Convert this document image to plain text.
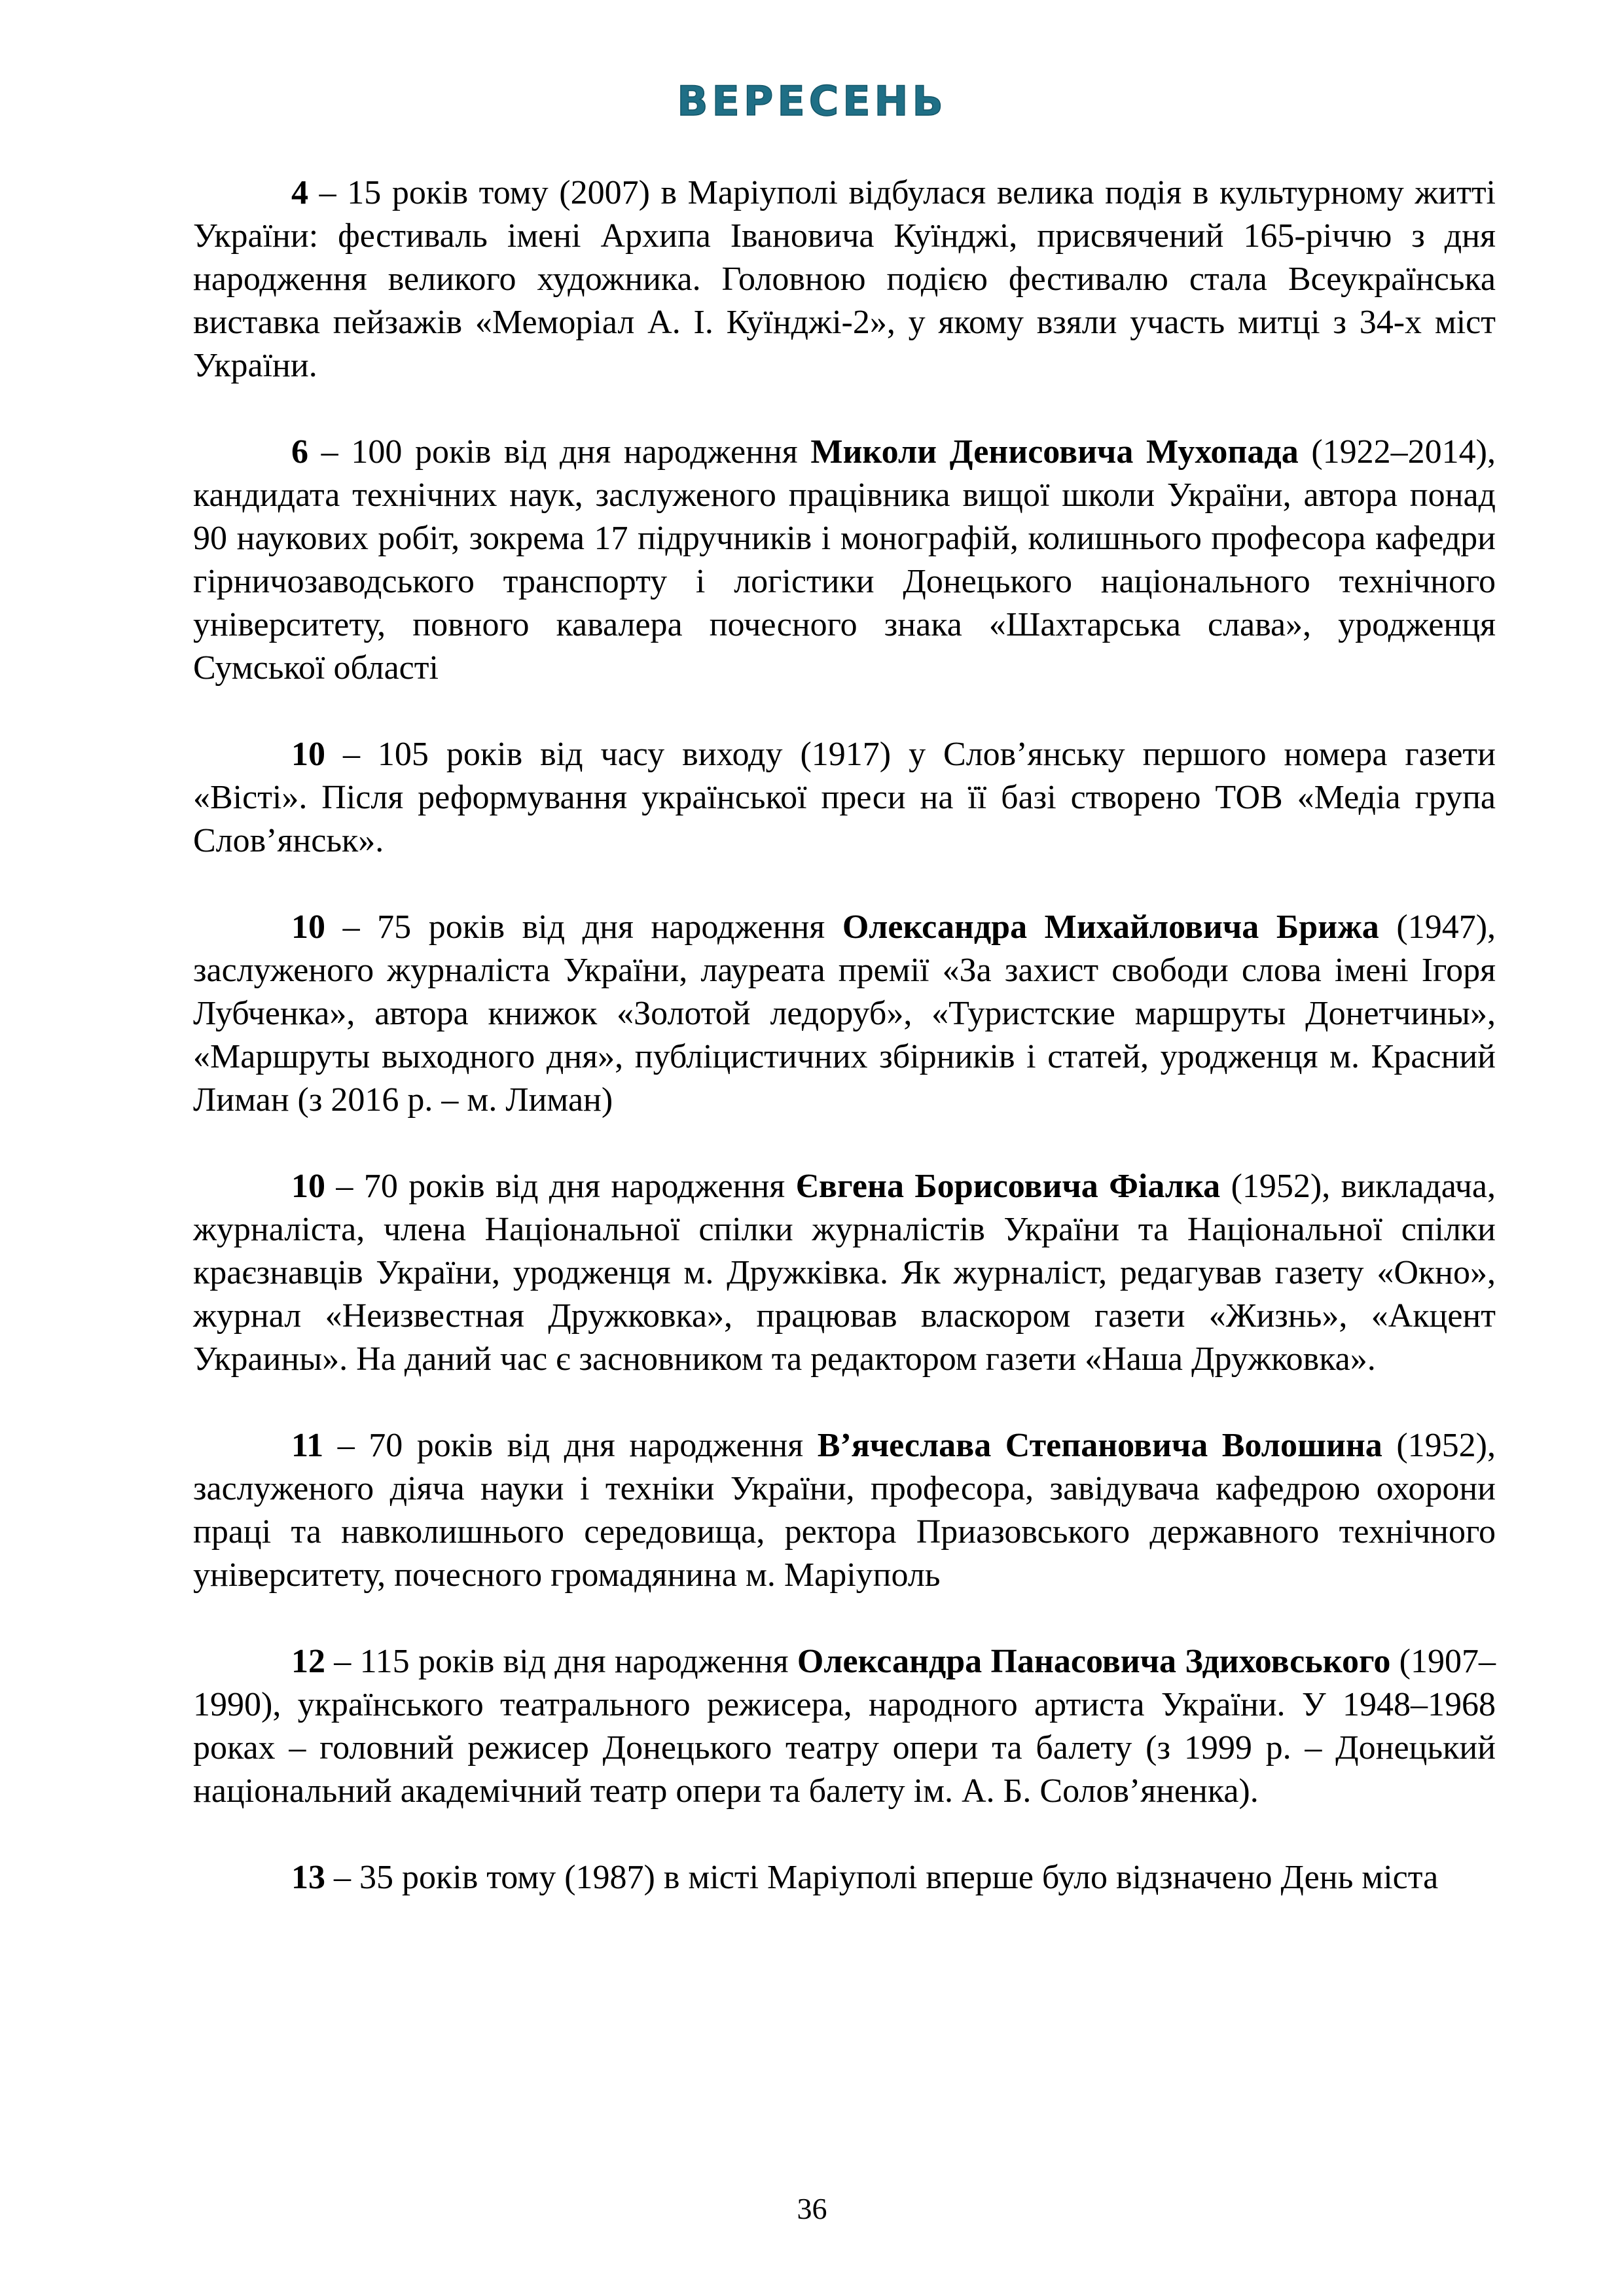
ВЕРЕСЕНЬ

4 – 15 років тому (2007) в Маріуполі відбулася велика подія в культурному житті України: фестиваль імені Архипа Івановича Куїнджі, присвячений 165-річчю з дня народження великого художника. Головною подією фестивалю стала Всеукраїнська виставка пейзажів «Меморіал А. І. Куїнджі-2», у якому взяли участь митці з 34-х міст України.

6 – 100 років від дня народження Миколи Денисовича Мухопада (1922–2014), кандидата технічних наук, заслуженого працівника вищої школи України, автора понад 90 наукових робіт, зокрема 17 підручників і монографій, колишнього професора кафедри гірничозаводського транспорту і логістики Донецького національного технічного університету, повного кавалера почесного знака «Шахтарська слава», уродженця Сумської області

10 – 105 років від часу виходу (1917) у Слов’янську першого номера газети «Вісті». Після реформування української преси на її базі створено ТОВ «Медіа група Слов’янськ».

10 – 75 років від дня народження Олександра Михайловича Брижа (1947), заслуженого журналіста України, лауреата премії «За захист свободи слова імені Ігоря Лубченка», автора книжок «Золотой ледоруб», «Туристские маршруты Донетчины», «Маршруты выходного дня», публіцистичних збірників і статей, уродженця м. Красний Лиман (з 2016 р. – м. Лиман)

10 – 70 років від дня народження Євгена Борисовича Фіалка (1952), викладача, журналіста, члена Національної спілки журналістів України та Національної спілки краєзнавців України, уродженця м. Дружківка. Як журналіст, редагував газету «Окно», журнал «Неизвестная Дружковка», працював власкором газети «Жизнь», «Акцент Украины». На даний час є засновником та редактором газети «Наша Дружковка».

11 – 70 років від дня народження В’ячеслава Степановича Волошина (1952), заслуженого діяча науки і техніки України, професора, завідувача кафедрою охорони праці та навколишнього середовища, ректора Приазовського державного технічного університету, почесного громадянина м. Маріуполь

12 – 115 років від дня народження Олександра Панасовича Здиховського (1907–1990), українського театрального режисера, народного артиста України. У 1948–1968 роках – головний режисер Донецького театру опери та балету (з 1999 р. – Донецький національний академічний театр опери та балету ім. А. Б. Солов’яненка).

13 – 35 років тому (1987) в місті Маріуполі вперше було відзначено День міста

36
